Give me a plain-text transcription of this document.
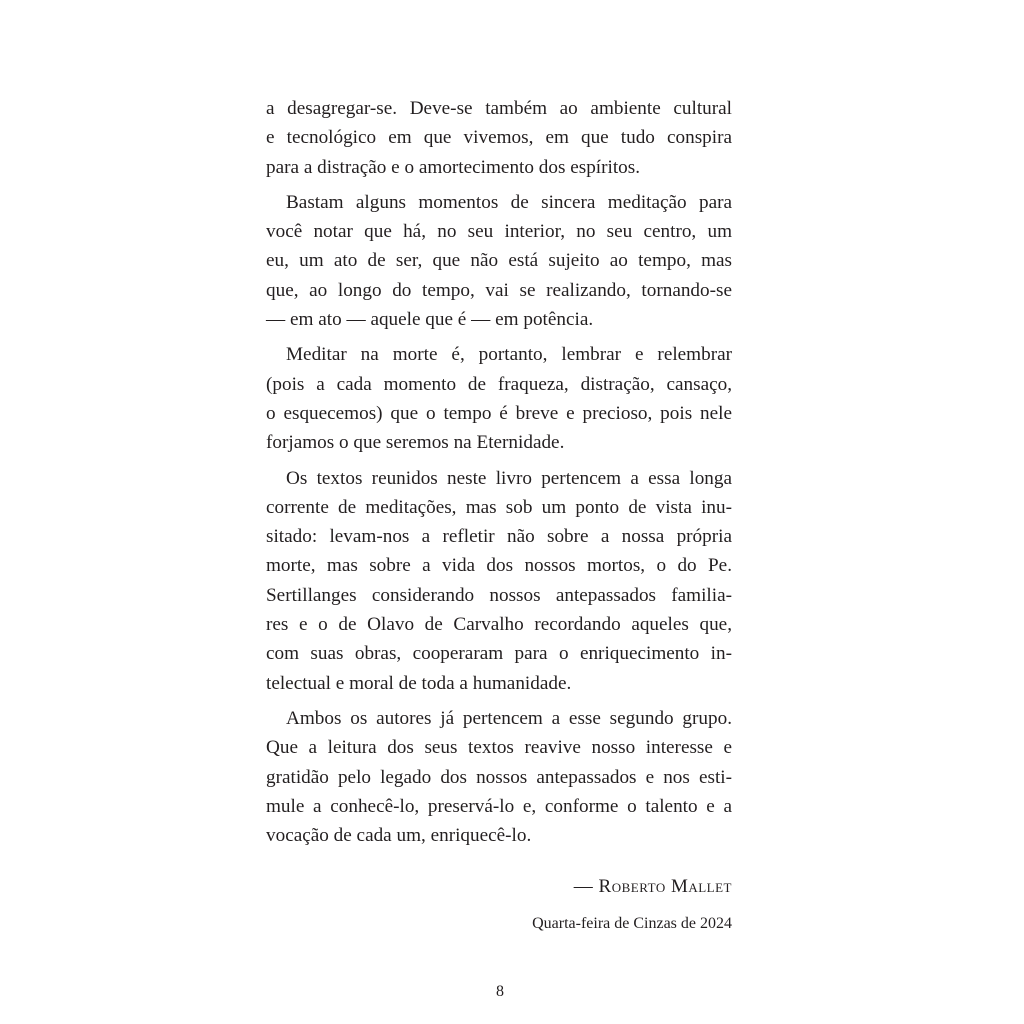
a desagregar-se. Deve-se também ao ambiente cultural
e tecnológico em que vivemos, em que tudo conspira
para a distração e o amortecimento dos espíritos.

Bastam alguns momentos de sincera meditação para
você notar que há, no seu interior, no seu centro, um
eu, um ato de ser, que não está sujeito ao tempo, mas
que, ao longo do tempo, vai se realizando, tornando-se
— em ato — aquele que é — em potência.

Meditar na morte é, portanto, lembrar e relembrar
(pois a cada momento de fraqueza, distração, cansaço,
o esquecemos) que o tempo é breve e precioso, pois nele
forjamos o que seremos na Eternidade.

Os textos reunidos neste livro pertencem a essa longa
corrente de meditações, mas sob um ponto de vista inu-
sitado: levam-nos a refletir não sobre a nossa própria
morte, mas sobre a vida dos nossos mortos, o do Pe.
Sertillanges considerando nossos antepassados familia-
res e o de Olavo de Carvalho recordando aqueles que,
com suas obras, cooperaram para o enriquecimento in-
telectual e moral de toda a humanidade.

Ambos os autores já pertencem a esse segundo grupo.
Que a leitura dos seus textos reavive nosso interesse e
gratidão pelo legado dos nossos antepassados e nos esti-
mule a conhecê-lo, preservá-lo e, conforme o talento e a
vocação de cada um, enriquecê-lo.

— Roberto Mallet
Quarta-feira de Cinzas de 2024
8
